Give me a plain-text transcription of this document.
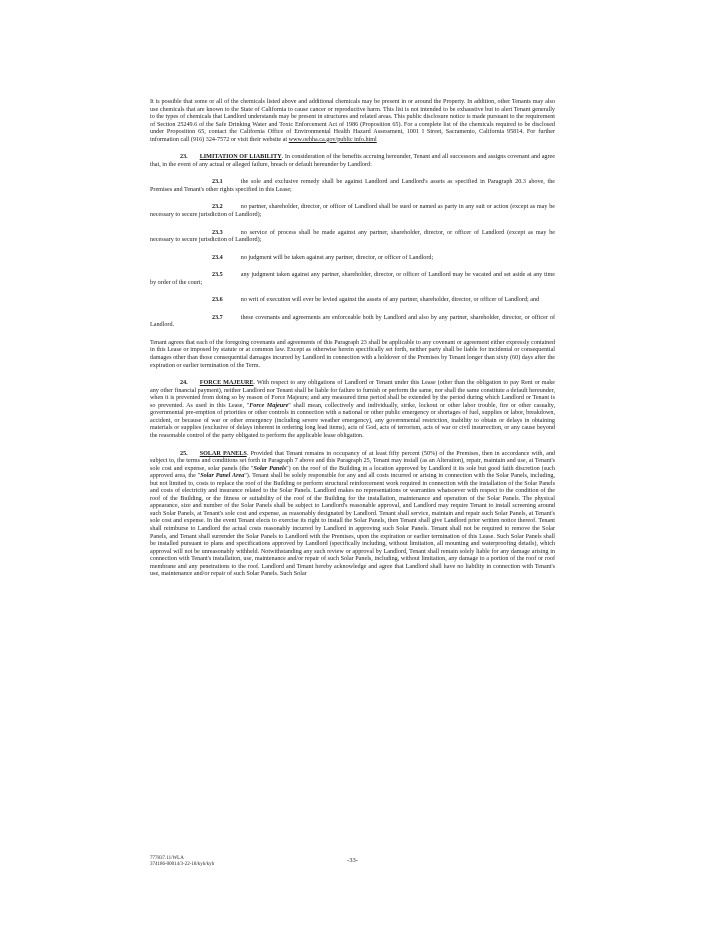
It is possible that some or all of the chemicals listed above and additional chemicals may be present in or around the Property. In addition, other Tenants may also use chemicals that are known to the State of California to cause cancer or reproductive harm. This list is not intended to be exhaustive but to alert Tenant generally to the types of chemicals that Landlord understands may be present in structures and related areas. This public disclosure notice is made pursuant to the requirement of Section 25249.6 of the Safe Drinking Water and Toxic Enforcement Act of 1986 (Proposition 65). For a complete list of the chemicals required to be disclosed under Proposition 65, contact the California Office of Environmental Health Hazard Assessment, 1001 I Street, Sacramento, California 95814. For further information call (916) 324-7572 or visit their website at www.oehha.ca.gov/public info.html

23. LIMITATION OF LIABILITY. In consideration of the benefits accruing hereunder, Tenant and all successors and assigns covenant and agree that, in the event of any actual or alleged failure, breach or default hereunder by Landlord:

23.1	the sole and exclusive remedy shall be against Landlord and Landlord's assets as specified in Paragraph 20.3 above, the Premises and Tenant's other rights specified in this Lease;

23.2	no partner, shareholder, director, or officer of Landlord shall be sued or named as party in any suit or action (except as may be necessary to secure jurisdiction of Landlord);

23.3	no service of process shall be made against any partner, shareholder, director, or officer of Landlord (except as may be necessary to secure jurisdiction of Landlord);

23.4	no judgment will be taken against any partner, director, or officer of Landlord;

23.5	any judgment taken against any partner, shareholder, director, or officer of Landlord may be vacated and set aside at any time by order of the court;

23.6	no writ of execution will ever be levied against the assets of any partner, shareholder, director, or officer of Landlord; and

23.7	these covenants and agreements are enforceable both by Landlord and also by any partner, shareholder, director, or officer of Landlord.

Tenant agrees that each of the foregoing covenants and agreements of this Paragraph 23 shall be applicable to any covenant or agreement either expressly contained in this Lease or imposed by statute or at common law. Except as otherwise herein specifically set forth, neither party shall be liable for incidental or consequential damages other than those consequential damages incurred by Landlord in connection with a holdover of the Premises by Tenant longer than sixty (60) days after the expiration or earlier termination of the Term.

24. FORCE MAJEURE. With respect to any obligations of Landlord or Tenant under this Lease (other than the obligation to pay Rent or make any other financial payment), neither Landlord nor Tenant shall be liable for failure to furnish or perform the same, nor shall the same constitute a default hereunder, when it is prevented from doing so by reason of Force Majeure; and any measured time period shall be extended by the period during which Landlord or Tenant is so prevented. As used in this Lease, "Force Majeure" shall mean, collectively and individually, strike, lockout or other labor trouble, fire or other casualty, governmental pre-emption of priorities or other controls in connection with a national or other public emergency or shortages of fuel, supplies or labor, breakdown, accident, or because of war or other emergency (including severe weather emergency), any governmental restriction, inability to obtain or delays in obtaining materials or supplies (exclusive of delays inherent in ordering long lead items), acts of God, acts of terrorism, acts of war or civil insurrection, or any cause beyond the reasonable control of the party obligated to perform the applicable lease obligation.

25. SOLAR PANELS. Provided that Tenant remains in occupancy of at least fifty percent (50%) of the Premises, then in accordance with, and subject to, the terms and conditions set forth in Paragraph 7 above and this Paragraph 25, Tenant may install (as an Alteration), repair, maintain and use, at Tenant's sole cost and expense, solar panels (the "Solar Panels") on the roof of the Building in a location approved by Landlord it its sole but good faith discretion (such approved area, the "Solar Panel Area"). Tenant shall be solely responsible for any and all costs incurred or arising in connection with the Solar Panels, including, but not limited to, costs to replace the roof of the Building or perform structural reinforcement work required in connection with the installation of the Solar Panels and costs of electricity and insurance related to the Solar Panels. Landlord makes no representations or warranties whatsoever with respect to the condition of the roof of the Building, or the fitness or suitability of the roof of the Building for the installation, maintenance and operation of the Solar Panels. The physical appearance, size and number of the Solar Panels shall be subject to Landlord's reasonable approval, and Landlord may require Tenant to install screening around such Solar Panels, at Tenant's sole cost and expense, as reasonably designated by Landlord. Tenant shall service, maintain and repair such Solar Panels, at Tenant's sole cost and expense. In the event Tenant elects to exercise its right to install the Solar Panels, then Tenant shall give Landlord prior written notice thereof. Tenant shall reimburse to Landlord the actual costs reasonably incurred by Landlord in approving such Solar Panels. Tenant shall not be required to remove the Solar Panels, and Tenant shall surrender the Solar Panels to Landlord with the Premises, upon the expiration or earlier termination of this Lease. Such Solar Panels shall be installed pursuant to plans and specifications approved by Landlord (specifically including, without limitation, all mounting and waterproofing details), which approval will not be unreasonably withheld. Notwithstanding any such review or approval by Landlord, Tenant shall remain solely liable for any damage arising in connection with Tenant's installation, use, maintenance and/or repair of such Solar Panels, including, without limitation, any damage to a portion of the roof or roof membrane and any penetrations to the roof. Landlord and Tenant hereby acknowledge and agree that Landlord shall have no liability in connection with Tenant's use, maintenance and/or repair of such Solar Panels. Such Solar

777837.11/WLA
374186-00014/3-22-18/kyh/kyh
-33-
